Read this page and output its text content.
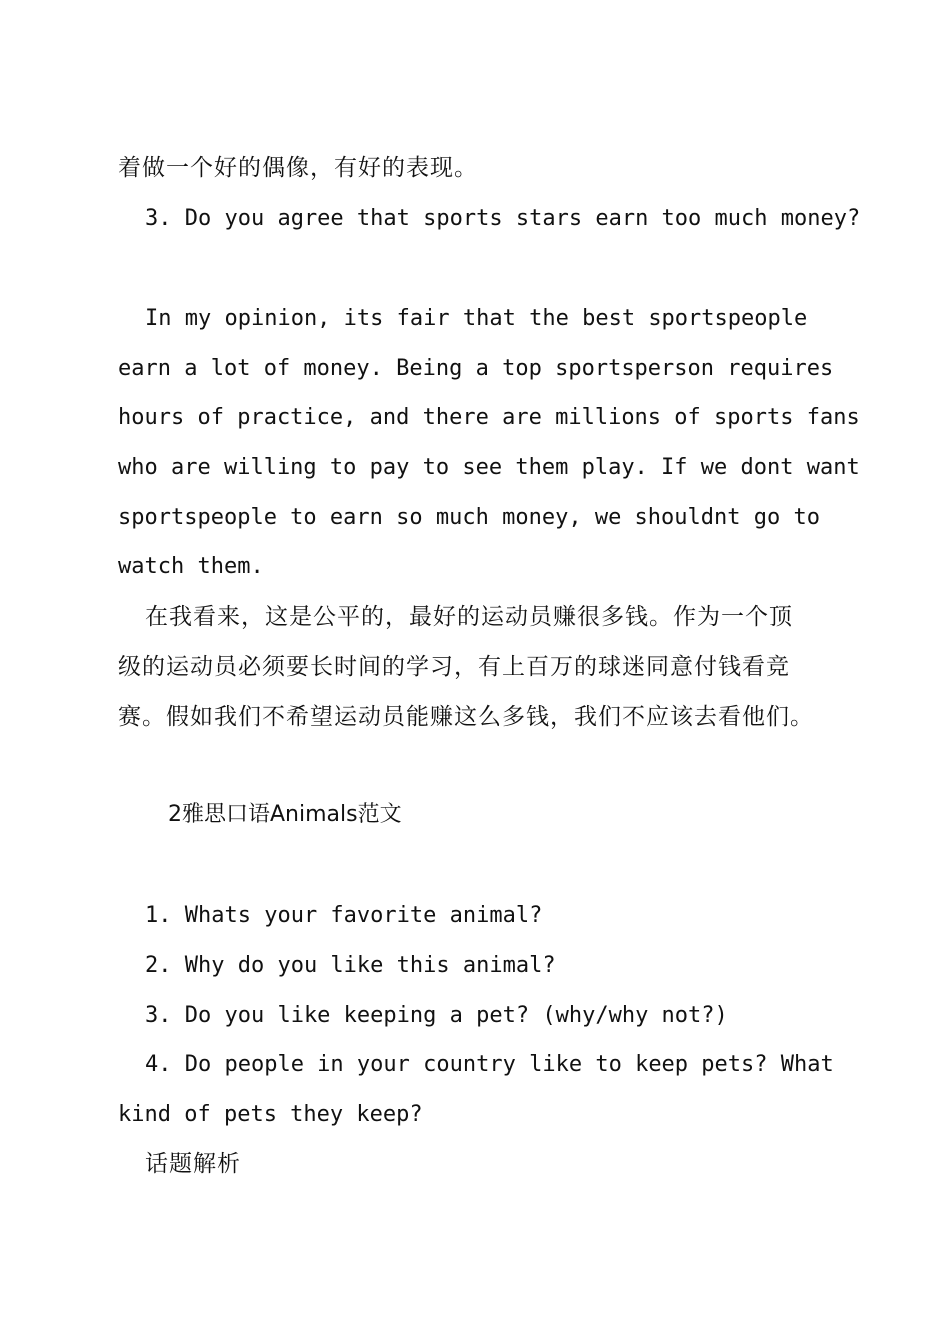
着做一个好的偶像，有好的表现。

3. Do you agree that sports stars earn too much money?

In my opinion, its fair that the best sportspeople

earn a lot of money. Being a top sportsperson requires

hours of practice, and there are millions of sports fans

who are willing to pay to see them play. If we dont want

sportspeople to earn so much money, we shouldnt go to

watch them.

在我看来，这是公平的，最好的运动员赚很多钱。作为一个顶

级的运动员必须要长时间的学习，有上百万的球迷同意付钱看竞

赛。假如我们不希望运动员能赚这么多钱，我们不应该去看他们。

2雅思口语Animals范文

1. Whats your favorite animal?

2. Why do you like this animal?

3. Do you like keeping a pet? (why/why not?)

4. Do people in your country like to keep pets? What

kind of pets they keep?

话题解析
